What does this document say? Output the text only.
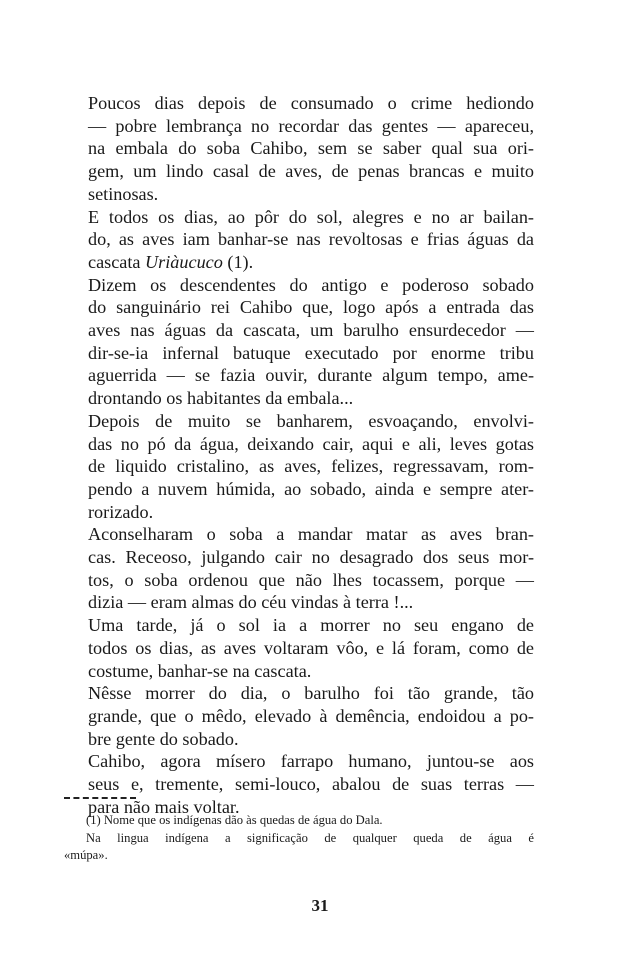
Poucos dias depois de consumado o crime hediondo
— pobre lembrança no recordar das gentes — apareceu,
na embala do soba Cahibo, sem se saber qual sua ori-
gem, um lindo casal de aves, de penas brancas e muito
setinosas.
E todos os dias, ao pôr do sol, alegres e no ar bailan-
do, as aves iam banhar-se nas revoltosas e frias águas da
cascata Uriàucuco (1).
Dizem os descendentes do antigo e poderoso sobado
do sanguinário rei Cahibo que, logo após a entrada das
aves nas águas da cascata, um barulho ensurdecedor —
dir-se-ia infernal batuque executado por enorme tribu
aguerrida — se fazia ouvir, durante algum tempo, ame-
drontando os habitantes da embala...
Depois de muito se banharem, esvoaçando, envolvi-
das no pó da água, deixando cair, aqui e ali, leves gotas
de liquido cristalino, as aves, felizes, regressavam, rom-
pendo a nuvem húmida, ao sobado, ainda e sempre ater-
rorizado.
Aconselharam o soba a mandar matar as aves bran-
cas. Receoso, julgando cair no desagrado dos seus mor-
tos, o soba ordenou que não lhes tocassem, porque —
dizia — eram almas do céu vindas à terra !...
Uma tarde, já o sol ia a morrer no seu engano de
todos os dias, as aves voltaram vôo, e lá foram, como de
costume, banhar-se na cascata.
Nêsse morrer do dia, o barulho foi tão grande, tão
grande, que o mêdo, elevado à demência, endoidou a po-
bre gente do sobado.
Cahibo, agora mísero farrapo humano, juntou-se aos
seus e, tremente, semi-louco, abalou de suas terras —
para não mais voltar.
(1) Nome que os indígenas dão às quedas de água do Dala.
Na lingua indígena a significação de qualquer queda de água é
«múpa».
31
